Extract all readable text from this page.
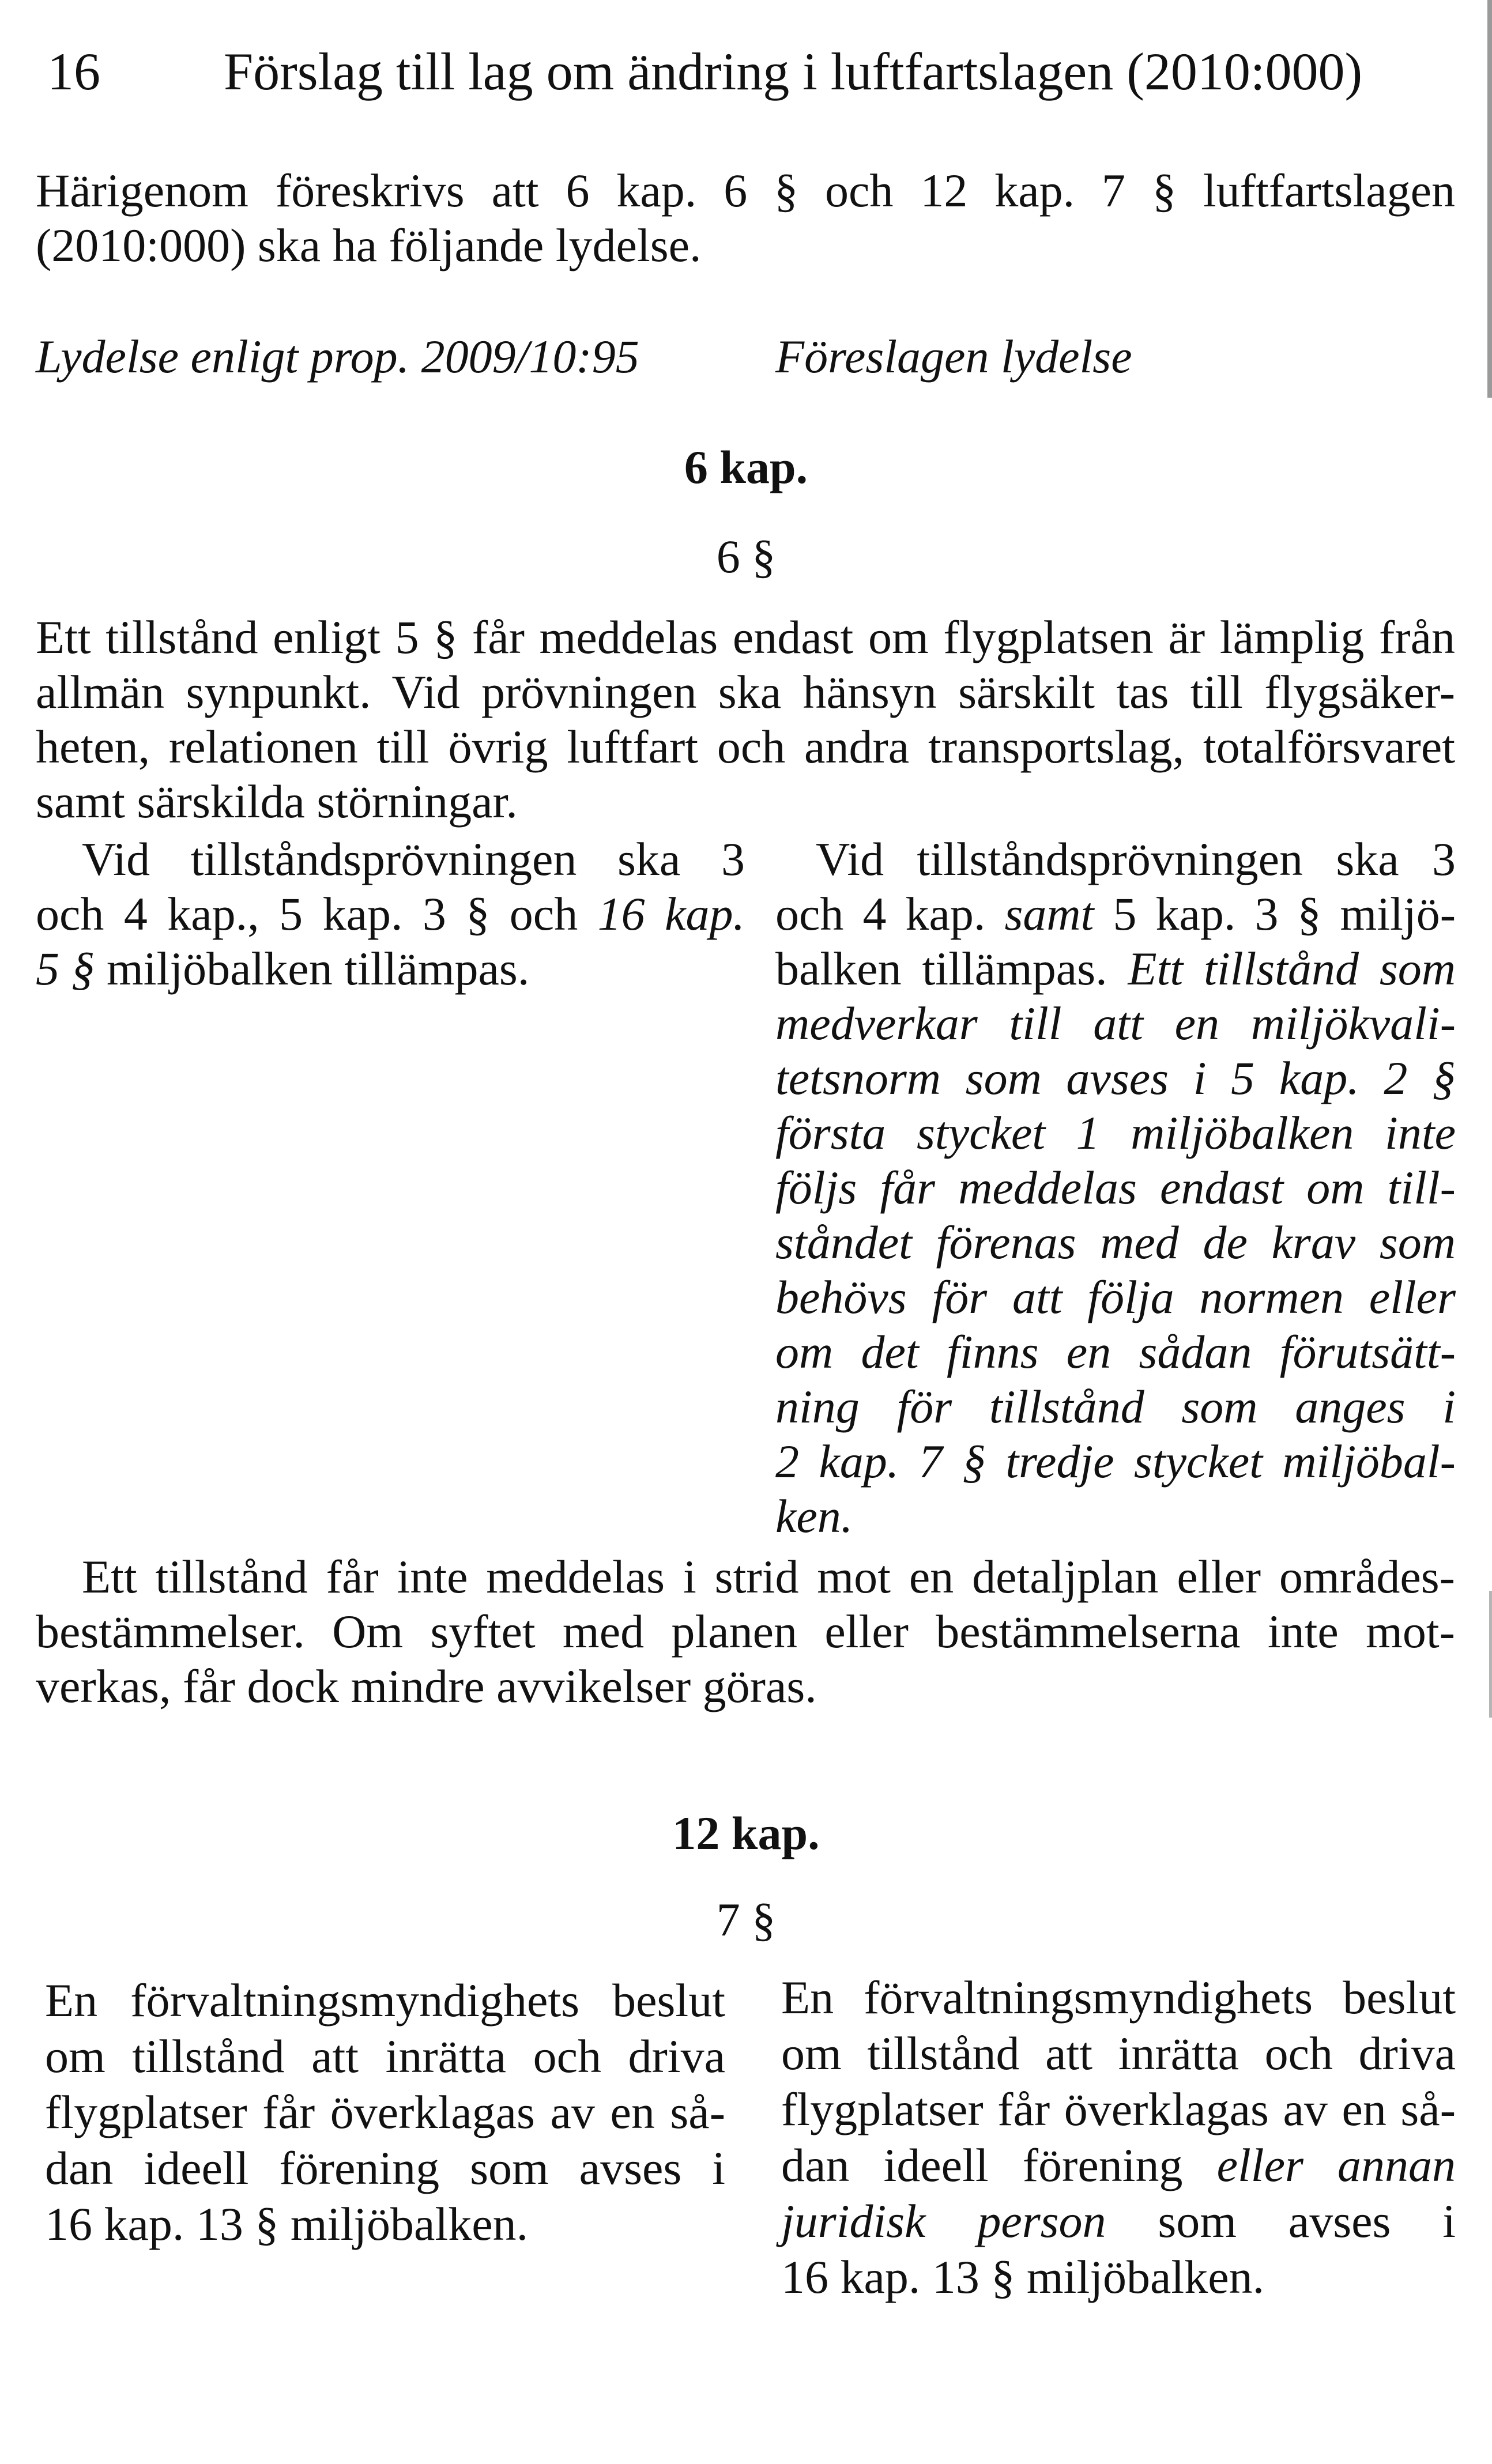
16 Förslag till lag om ändring i luftfartslagen (2010:000)
Härigenom föreskrivs att 6 kap. 6 § och 12 kap. 7 § luftfartslagen
(2010:000) ska ha följande lydelse.
Lydelse enligt prop. 2009/10:95	Föreslagen lydelse
6 kap.
6 §
Ett tillstånd enligt 5 § får meddelas endast om flygplatsen är lämplig från
allmän synpunkt. Vid prövningen ska hänsyn särskilt tas till flygsäker-
heten, relationen till övrig luftfart och andra transportslag, totalförsvaret
samt särskilda störningar.
Vid tillståndsprövningen ska 3
och 4 kap., 5 kap. 3 § och 16 kap.
5 § miljöbalken tillämpas.
Vid tillståndsprövningen ska 3
och 4 kap. samt 5 kap. 3 § miljö-
balken tillämpas. Ett tillstånd som
medverkar till att en miljökvali-
tetsnorm som avses i 5 kap. 2 §
första stycket 1 miljöbalken inte
följs får meddelas endast om till-
ståndet förenas med de krav som
behövs för att följa normen eller
om det finns en sådan förutsätt-
ning för tillstånd som anges i
2 kap. 7 § tredje stycket miljöbal-
ken.
Ett tillstånd får inte meddelas i strid mot en detaljplan eller områdes-
bestämmelser. Om syftet med planen eller bestämmelserna inte mot-
verkas, får dock mindre avvikelser göras.
12 kap.
7 §
En förvaltningsmyndighets beslut
om tillstånd att inrätta och driva
flygplatser får överklagas av en så-
dan ideell förening som avses i
16 kap. 13 § miljöbalken.
En förvaltningsmyndighets beslut
om tillstånd att inrätta och driva
flygplatser får överklagas av en så-
dan ideell förening eller annan
juridisk person som avses i
16 kap. 13 § miljöbalken.
